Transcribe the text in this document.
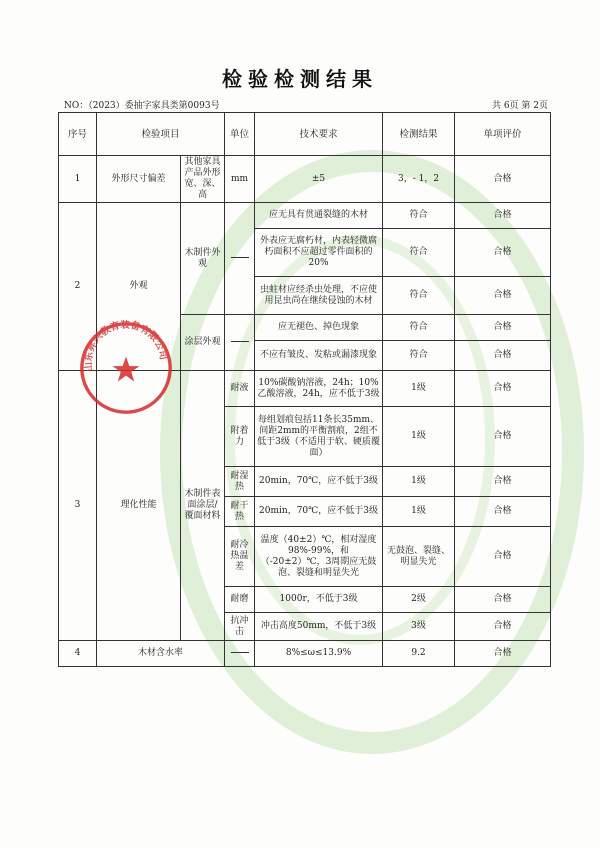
检验检测结果
NO：（2023）委抽字家具类第0093号	共 6页 第 2页
序号	检验项目		单位	技术要求	检测结果	单项评价
1	外形尺寸偏差	其他家具产品外形宽、深、高	mm	±5	3，- 1，2	合格
2	外观	木制件外观		应无具有贯通裂缝的木材	符合	合格
				外表应无腐朽材，内表轻微腐朽面积不应超过零件面积的20%	符合	合格
				虫蛀材应经杀虫处理，不应使用昆虫尚在继续侵蚀的木材	符合	合格
		涂层外观		应无褪色、掉色现象	符合	合格
				不应有皱皮、发粘或漏漆现象	符合	合格
3	理化性能	木制件表面涂层/覆面材料	耐液	10%碳酸钠溶液，24h；10%乙酸溶液，24h，应不低于3级	1级	合格
			附着力	每组划痕包括11条长35mm、间距2mm的平衡割痕，2组不低于3级（不适用于软、硬质覆面）	1级	合格
			耐湿热	20min，70℃，应不低于3级	1级	合格
			耐干热	20min，70℃，应不低于3级	1级	合格
			耐冷热温差	温度（40±2）℃，相对湿度98%-99%，和（-20±2）℃，3周期应无鼓泡、裂缝和明显失光	无鼓泡、裂缝、明显失光	合格
			耐磨	1000r，不低于3级	2级	合格
			抗冲击	冲击高度50mm，不低于3级	3级	合格
4	木材含水率			8%≤ω≤13.9%	9.2	合格
山东昇兴教育装备有限公司
